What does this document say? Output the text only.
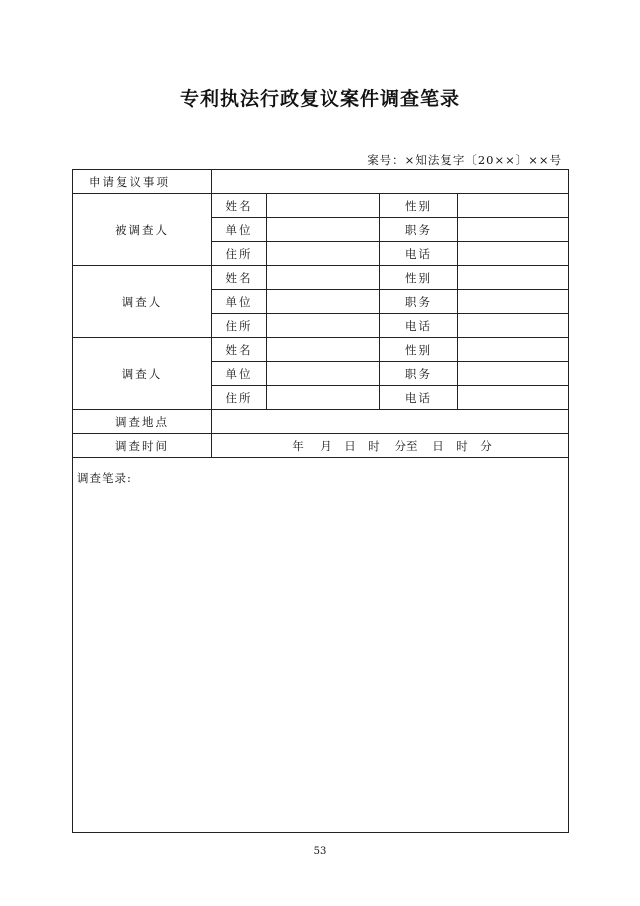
专利执法行政复议案件调查笔录
案号：×知法复字〔20××〕××号
申请复议事项				
被调查人	姓名		性别	
	单位		职务	
	住所		电话	
调查人	姓名		性别	
	单位		职务	
	住所		电话	
调查人	姓名		性别	
	单位		职务	
	住所		电话	
调查地点				
调查时间	年 月 日 时 分至 日 时 分			
调查笔录:				
53
